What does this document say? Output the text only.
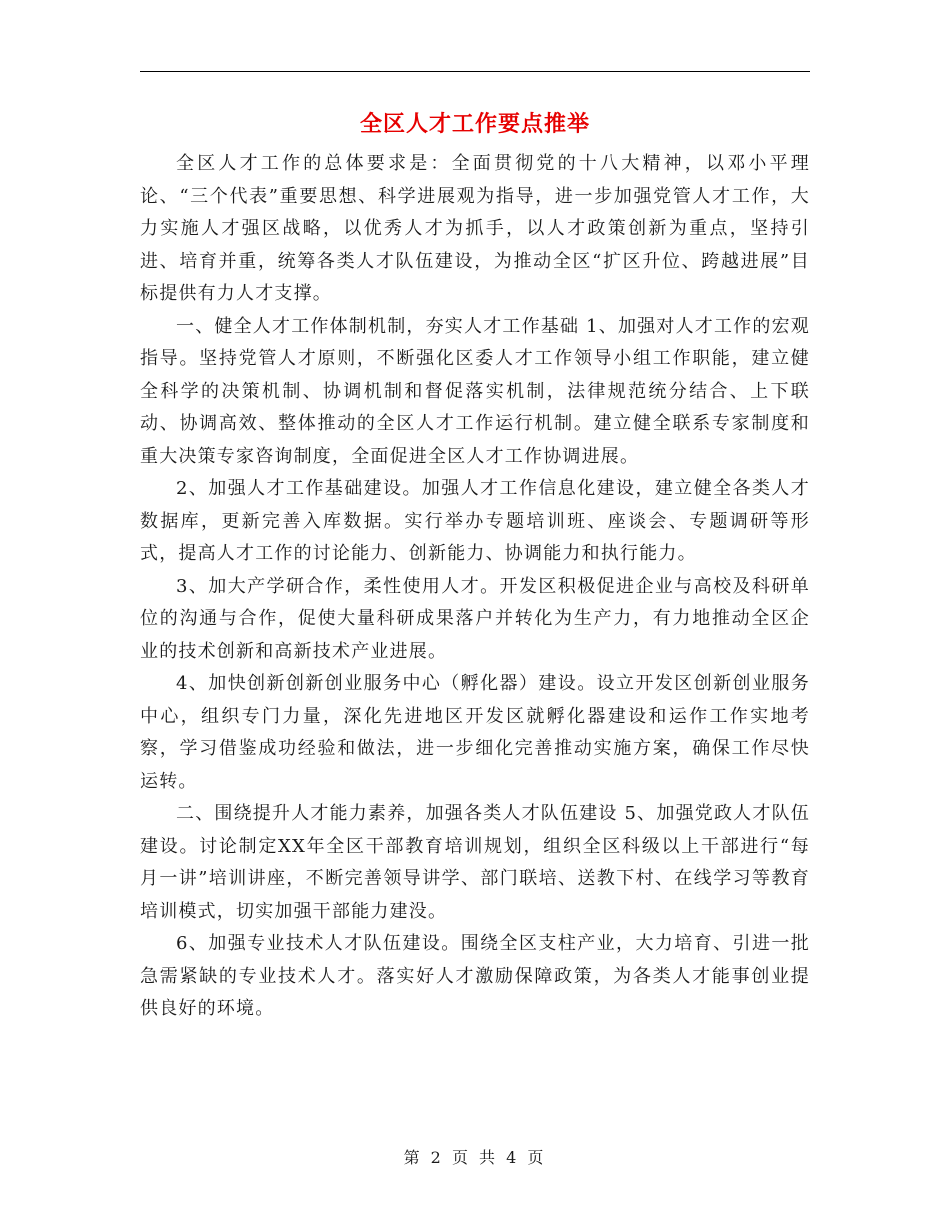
全区人才工作要点推举

全区人才工作的总体要求是：全面贯彻党的十八大精神，以邓小平理论、“三个代表”重要思想、科学进展观为指导，进一步加强党管人才工作，大力实施人才强区战略，以优秀人才为抓手，以人才政策创新为重点，坚持引进、培育并重，统筹各类人才队伍建设，为推动全区“扩区升位、跨越进展”目标提供有力人才支撑。

一、健全人才工作体制机制，夯实人才工作基础 1、加强对人才工作的宏观指导。坚持党管人才原则，不断强化区委人才工作领导小组工作职能，建立健全科学的决策机制、协调机制和督促落实机制，法律规范统分结合、上下联动、协调高效、整体推动的全区人才工作运行机制。建立健全联系专家制度和重大决策专家咨询制度，全面促进全区人才工作协调进展。

2、加强人才工作基础建设。加强人才工作信息化建设，建立健全各类人才数据库，更新完善入库数据。实行举办专题培训班、座谈会、专题调研等形式，提高人才工作的讨论能力、创新能力、协调能力和执行能力。

3、加大产学研合作，柔性使用人才。开发区积极促进企业与高校及科研单位的沟通与合作，促使大量科研成果落户并转化为生产力，有力地推动全区企业的技术创新和高新技术产业进展。

4、加快创新创新创业服务中心（孵化器）建设。设立开发区创新创业服务中心，组织专门力量，深化先进地区开发区就孵化器建设和运作工作实地考察，学习借鉴成功经验和做法，进一步细化完善推动实施方案，确保工作尽快运转。

二、围绕提升人才能力素养，加强各类人才队伍建设 5、加强党政人才队伍建设。讨论制定XX年全区干部教育培训规划，组织全区科级以上干部进行“每月一讲”培训讲座，不断完善领导讲学、部门联培、送教下村、在线学习等教育培训模式，切实加强干部能力建没。

6、加强专业技术人才队伍建设。围绕全区支柱产业，大力培育、引进一批急需紧缺的专业技术人才。落实好人才激励保障政策，为各类人才能事创业提供良好的环境。

第 2 页 共 4 页
